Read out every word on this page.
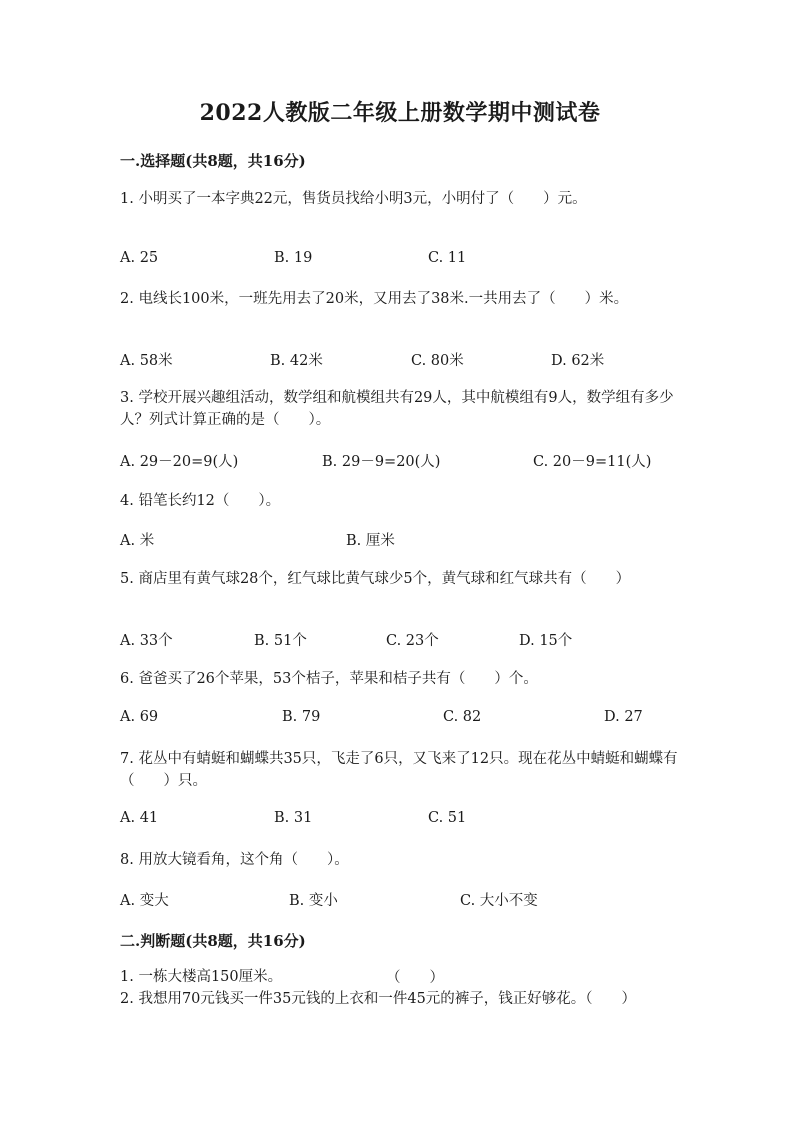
2022人教版二年级上册数学期中测试卷
一.选择题(共8题，共16分)
1. 小明买了一本字典22元，售货员找给小明3元，小明付了（　　）元。
A. 25	B. 19	C. 11
2. 电线长100米，一班先用去了20米，又用去了38米.一共用去了（　　）米。
A. 58米	B. 42米	C. 80米	D. 62米
3. 学校开展兴趣组活动，数学组和航模组共有29人，其中航模组有9人，数学组有多少人？列式计算正确的是（　　）。
A. 29－20=9(人)	B. 29－9=20(人)	C. 20－9=11(人)
4. 铅笔长约12（　　）。
A. 米	B. 厘米
5. 商店里有黄气球28个，红气球比黄气球少5个，黄气球和红气球共有（　　）
A. 33个	B. 51个	C. 23个	D. 15个
6. 爸爸买了26个苹果，53个桔子，苹果和桔子共有（　　）个。
A. 69	B. 79	C. 82	D. 27
7. 花丛中有蜻蜓和蝴蝶共35只，飞走了6只，又飞来了12只。现在花丛中蜻蜓和蝴蝶有（　　）只。
A. 41	B. 31	C. 51
8. 用放大镜看角，这个角（　　）。
A. 变大	B. 变小	C. 大小不变
二.判断题(共8题，共16分)
1. 一栋大楼高150厘米。	（　　）
2. 我想用70元钱买一件35元钱的上衣和一件45元的裤子，钱正好够花。（　　）
